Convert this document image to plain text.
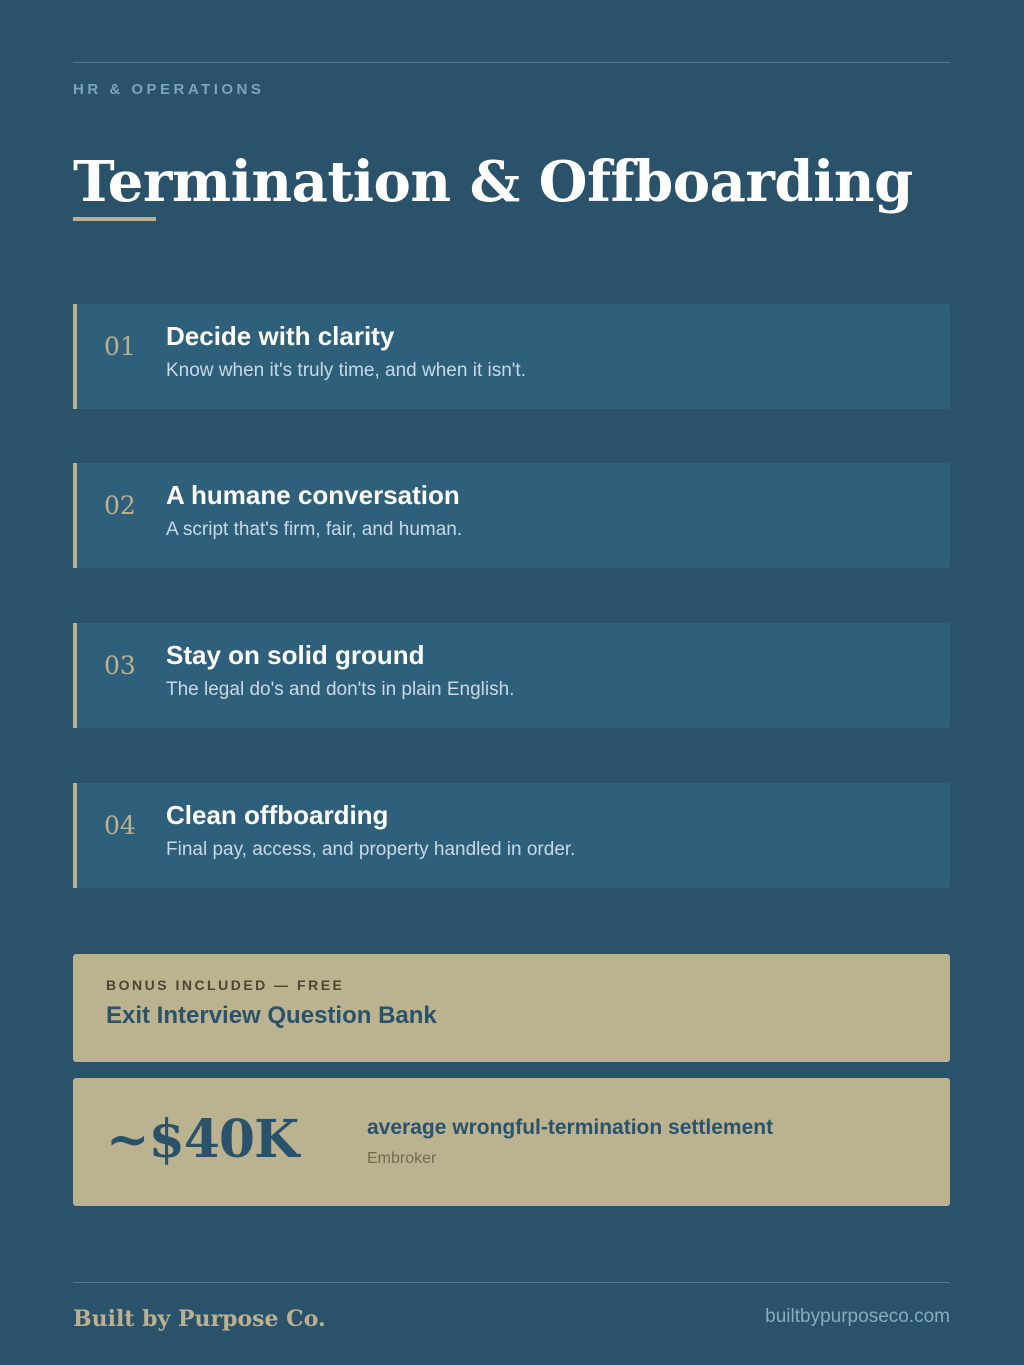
HR & OPERATIONS
Termination & Offboarding
01 Decide with clarity
Know when it's truly time, and when it isn't.
02 A humane conversation
A script that's firm, fair, and human.
03 Stay on solid ground
The legal do's and don'ts in plain English.
04 Clean offboarding
Final pay, access, and property handled in order.
BONUS INCLUDED — FREE
Exit Interview Question Bank
~$40K	average wrongful-termination settlement
Embroker
Built by Purpose Co.	builtbypurposeco.com
